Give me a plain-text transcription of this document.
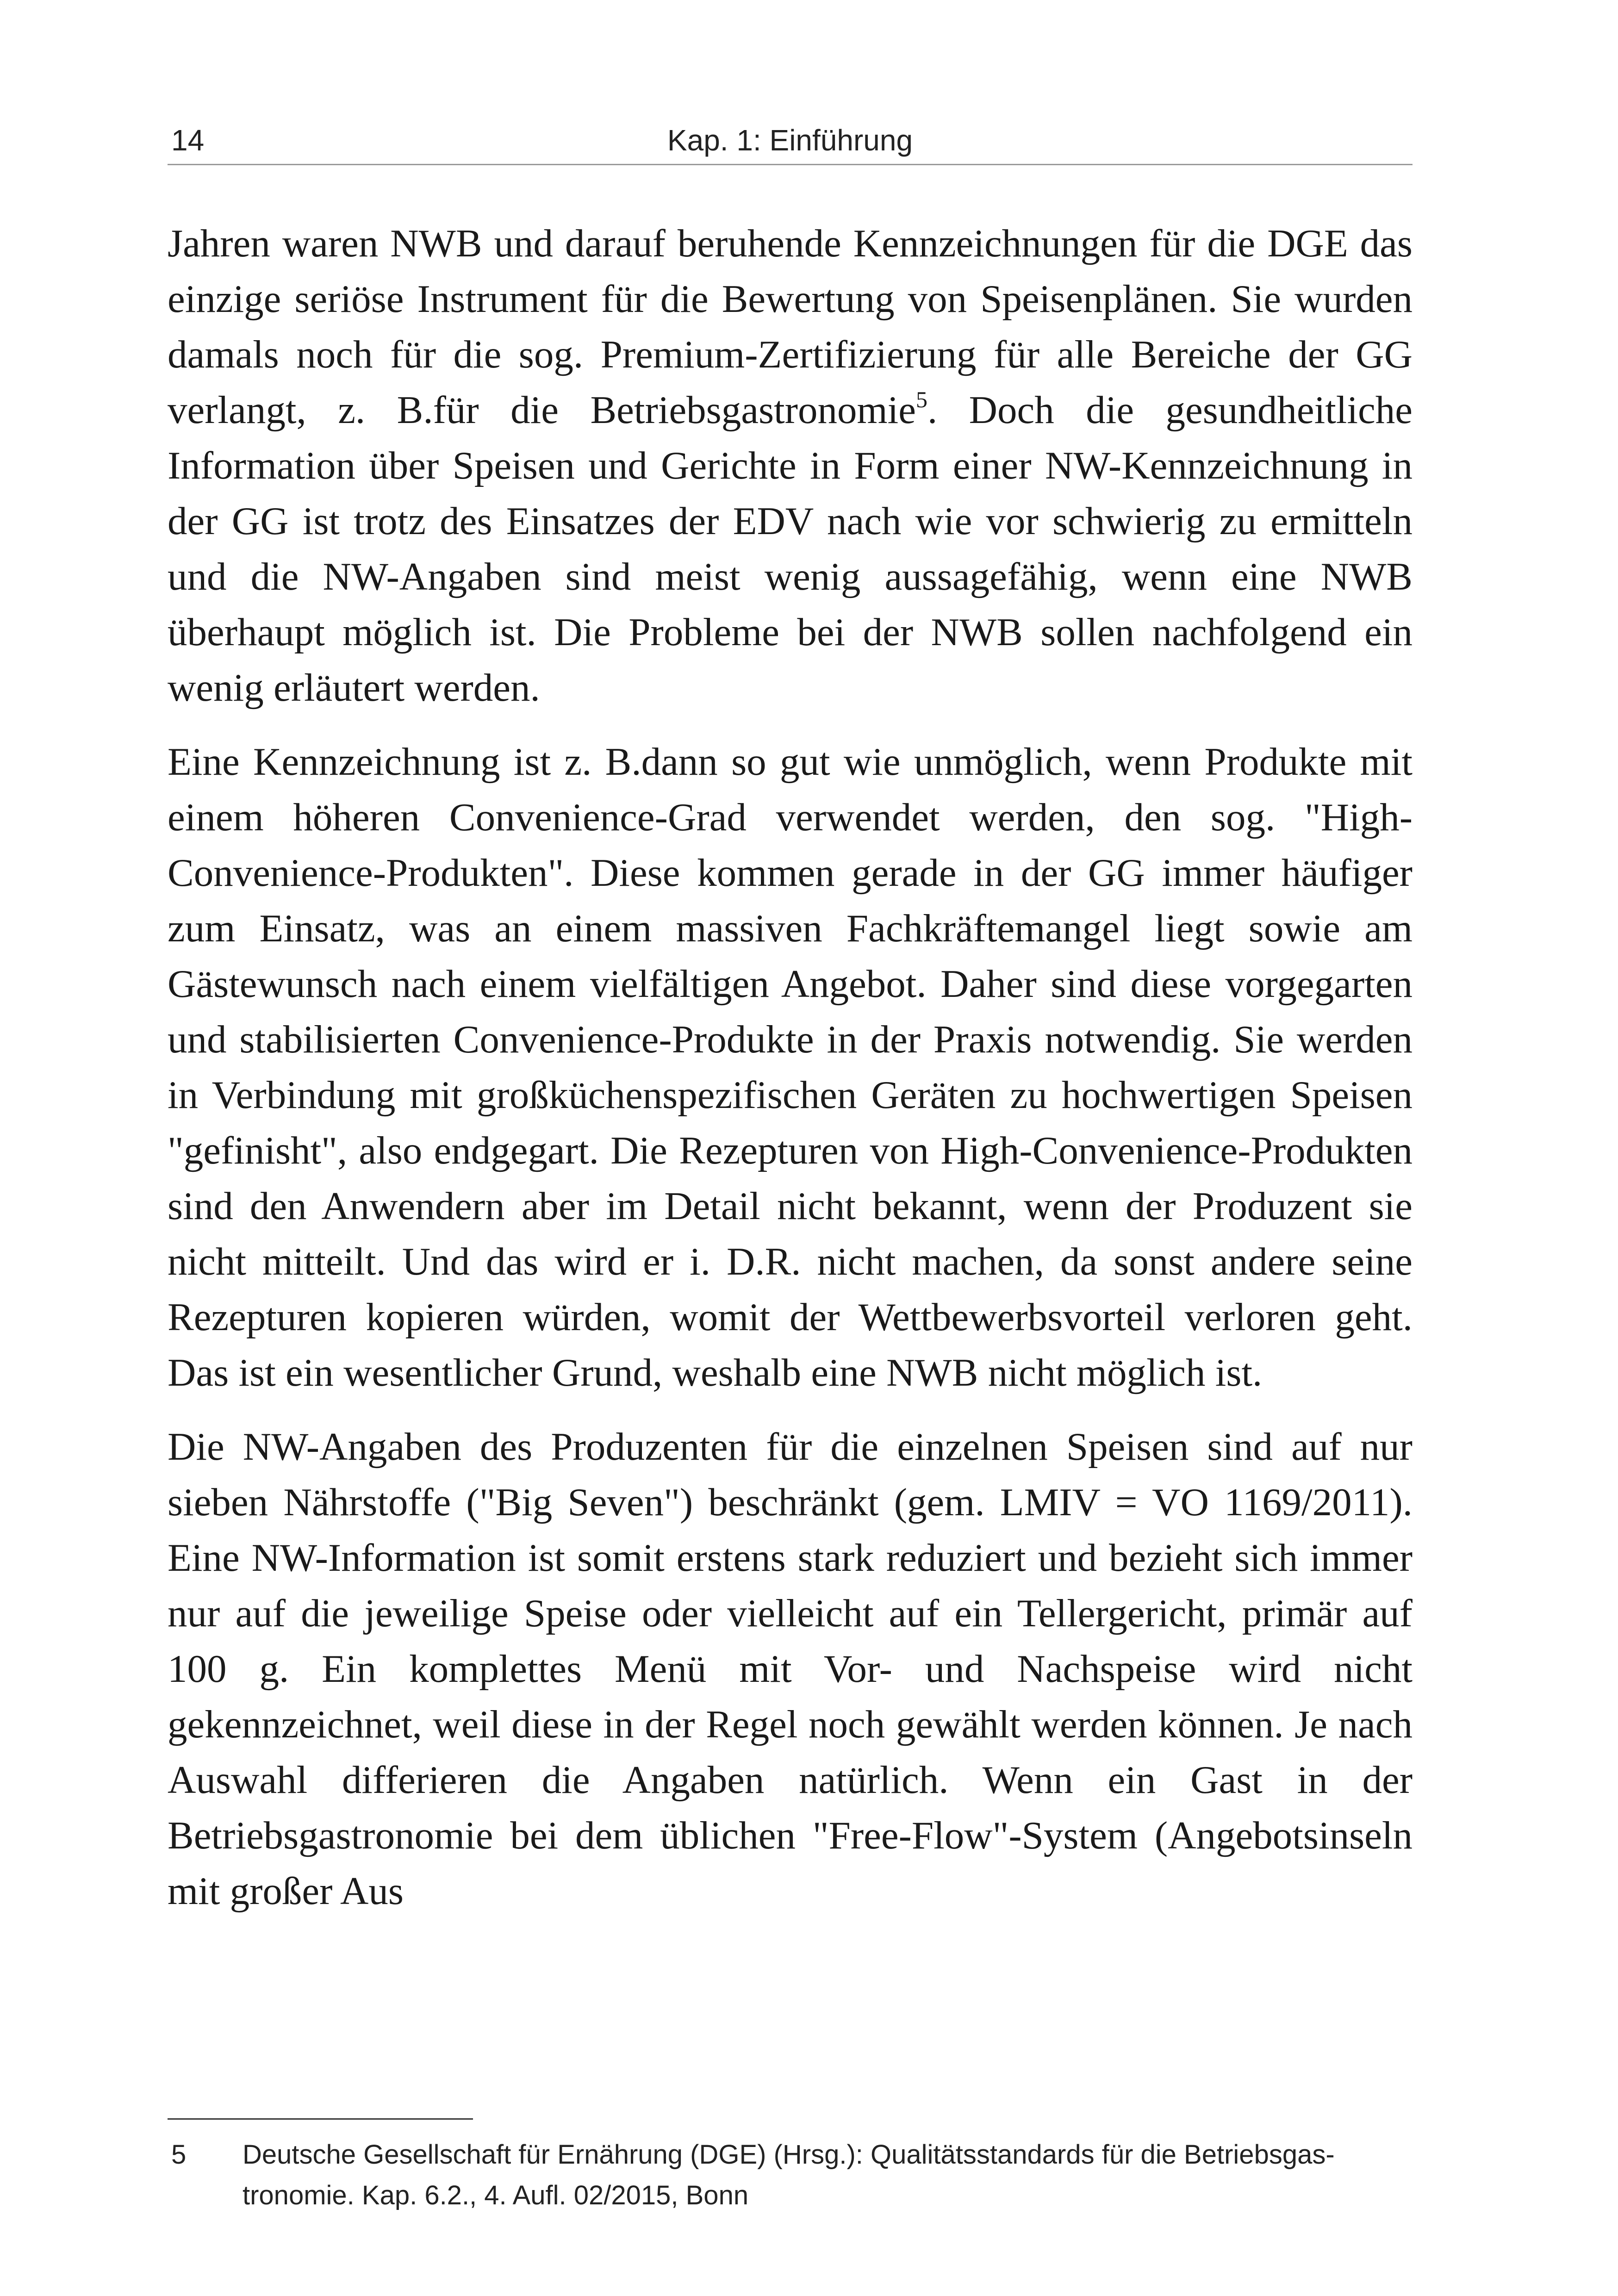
14	Kap. 1: Einführung

Jahren waren NWB und darauf beruhende Kennzeichnungen für die DGE das einzige seriöse Instrument für die Bewertung von Speisenplänen. Sie wurden damals noch für die sog. Premium-Zertifizierung für alle Bereiche der GG verlangt, z. B.für die Betriebsgastronomie$^5$. Doch die gesundheitliche Information über Speisen und Gerichte in Form einer NW-Kennzeichnung in der GG ist trotz des Einsatzes der EDV nach wie vor schwierig zu ermitteln und die NW-Angaben sind meist wenig aussagefähig, wenn eine NWB überhaupt möglich ist. Die Probleme bei der NWB sollen nachfolgend ein wenig erläutert werden.

Eine Kennzeichnung ist z. B.dann so gut wie unmöglich, wenn Produkte mit einem höheren Convenience-Grad verwendet werden, den sog. "High-Convenience-Produkten". Diese kommen gerade in der GG immer häufiger zum Einsatz, was an einem massiven Fachkräftemangel liegt sowie am Gästewunsch nach einem vielfältigen Angebot. Daher sind diese vorgegarten und stabilisierten Convenience-Produkte in der Praxis notwendig. Sie werden in Verbindung mit großküchenspezifischen Geräten zu hochwertigen Speisen "gefinisht", also endgegart. Die Rezepturen von High-Convenience-Produkten sind den Anwendern aber im Detail nicht bekannt, wenn der Produzent sie nicht mitteilt. Und das wird er i. D.R. nicht machen, da sonst andere seine Rezepturen kopieren würden, womit der Wettbewerbsvorteil verloren geht. Das ist ein wesentlicher Grund, weshalb eine NWB nicht möglich ist.

Die NW-Angaben des Produzenten für die einzelnen Speisen sind auf nur sieben Nährstoffe ("Big Seven") beschränkt (gem. LMIV = VO 1169/2011). Eine NW-Information ist somit erstens stark reduziert und bezieht sich immer nur auf die jeweilige Speise oder vielleicht auf ein Tellergericht, primär auf 100 g. Ein komplettes Menü mit Vor- und Nachspeise wird nicht gekennzeichnet, weil diese in der Regel noch gewählt werden können. Je nach Auswahl differieren die Angaben natürlich. Wenn ein Gast in der Betriebsgastronomie bei dem üblichen "Free-Flow"-System (Angebotsinseln mit großer Aus

5 Deutsche Gesellschaft für Ernährung (DGE) (Hrsg.): Qualitätsstandards für die Betriebsgastronomie. Kap. 6.2., 4. Aufl. 02/2015, Bonn
